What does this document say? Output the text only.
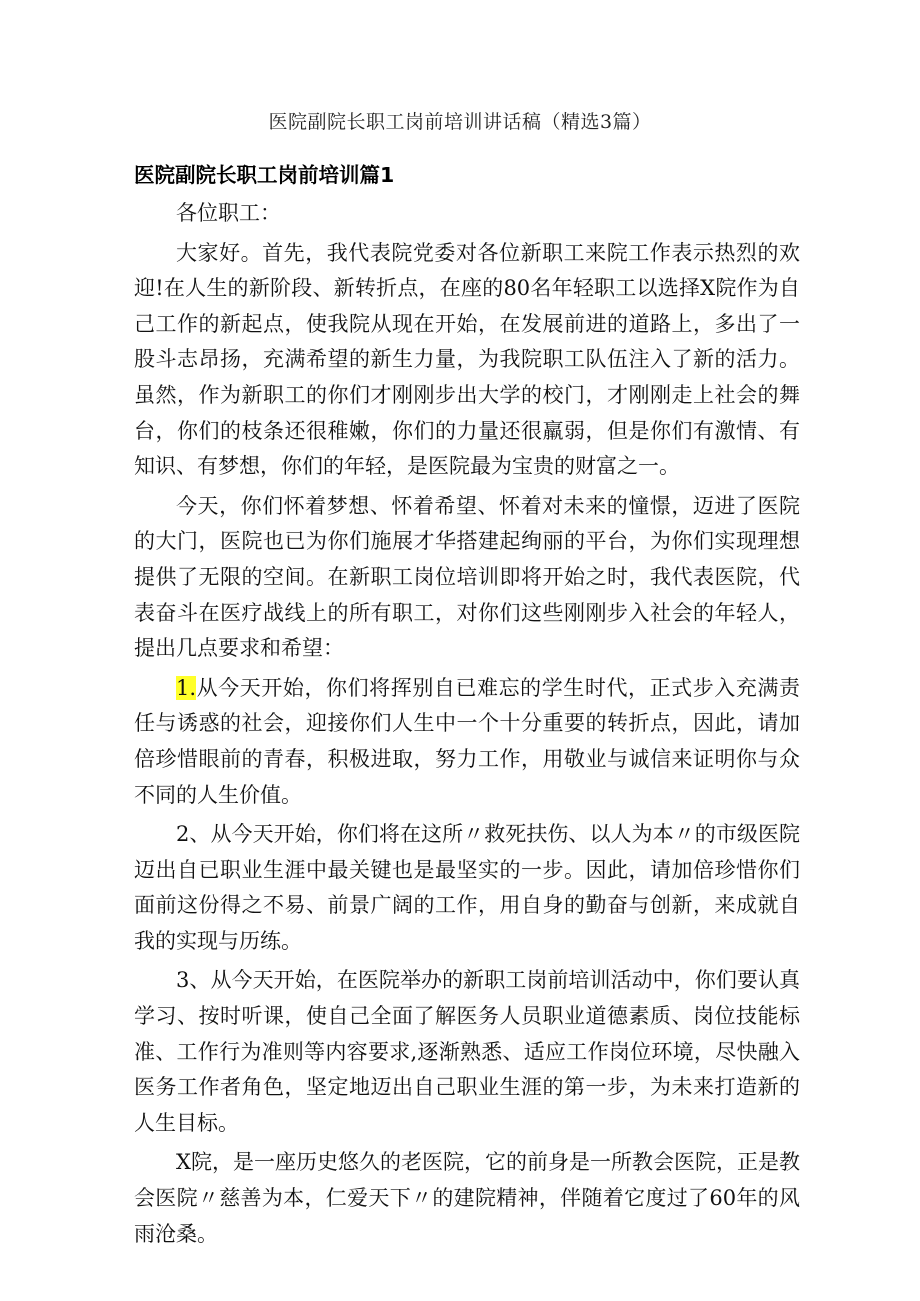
医院副院长职工岗前培训讲话稿（精选3篇）
医院副院长职工岗前培训篇1

各位职工：

大家好。首先，我代表院党委对各位新职工来院工作表示热烈的欢迎!在人生的新阶段、新转折点，在座的80名年轻职工以选择X院作为自己工作的新起点，使我院从现在开始，在发展前进的道路上，多出了一股斗志昂扬，充满希望的新生力量，为我院职工队伍注入了新的活力。虽然，作为新职工的你们才刚刚步出大学的校门，才刚刚走上社会的舞台，你们的枝条还很稚嫩，你们的力量还很羸弱，但是你们有激情、有知识、有梦想，你们的年轻，是医院最为宝贵的财富之一。

今天，你们怀着梦想、怀着希望、怀着对未来的憧憬，迈进了医院的大门，医院也已为你们施展才华搭建起绚丽的平台，为你们实现理想提供了无限的空间。在新职工岗位培训即将开始之时，我代表医院，代表奋斗在医疗战线上的所有职工，对你们这些刚刚步入社会的年轻人，提出几点要求和希望：

1.从今天开始，你们将挥别自已难忘的学生时代，正式步入充满责任与诱惑的社会，迎接你们人生中一个十分重要的转折点，因此，请加倍珍惜眼前的青春，积极进取，努力工作，用敬业与诚信来证明你与众不同的人生价值。

2、从今天开始，你们将在这所〃救死扶伤、以人为本〃的市级医院迈出自已职业生涯中最关键也是最坚实的一步。因此，请加倍珍惜你们面前这份得之不易、前景广阔的工作，用自身的勤奋与创新，来成就自我的实现与历练。

3、从今天开始，在医院举办的新职工岗前培训活动中，你们要认真学习、按时听课，使自己全面了解医务人员职业道德素质、岗位技能标准、工作行为准则等内容要求,逐渐熟悉、适应工作岗位环境，尽快融入医务工作者角色，坚定地迈出自己职业生涯的第一步，为未来打造新的人生目标。

X院，是一座历史悠久的老医院，它的前身是一所教会医院，正是教会医院〃慈善为本，仁爱天下〃的建院精神，伴随着它度过了60年的风雨沧桑。
